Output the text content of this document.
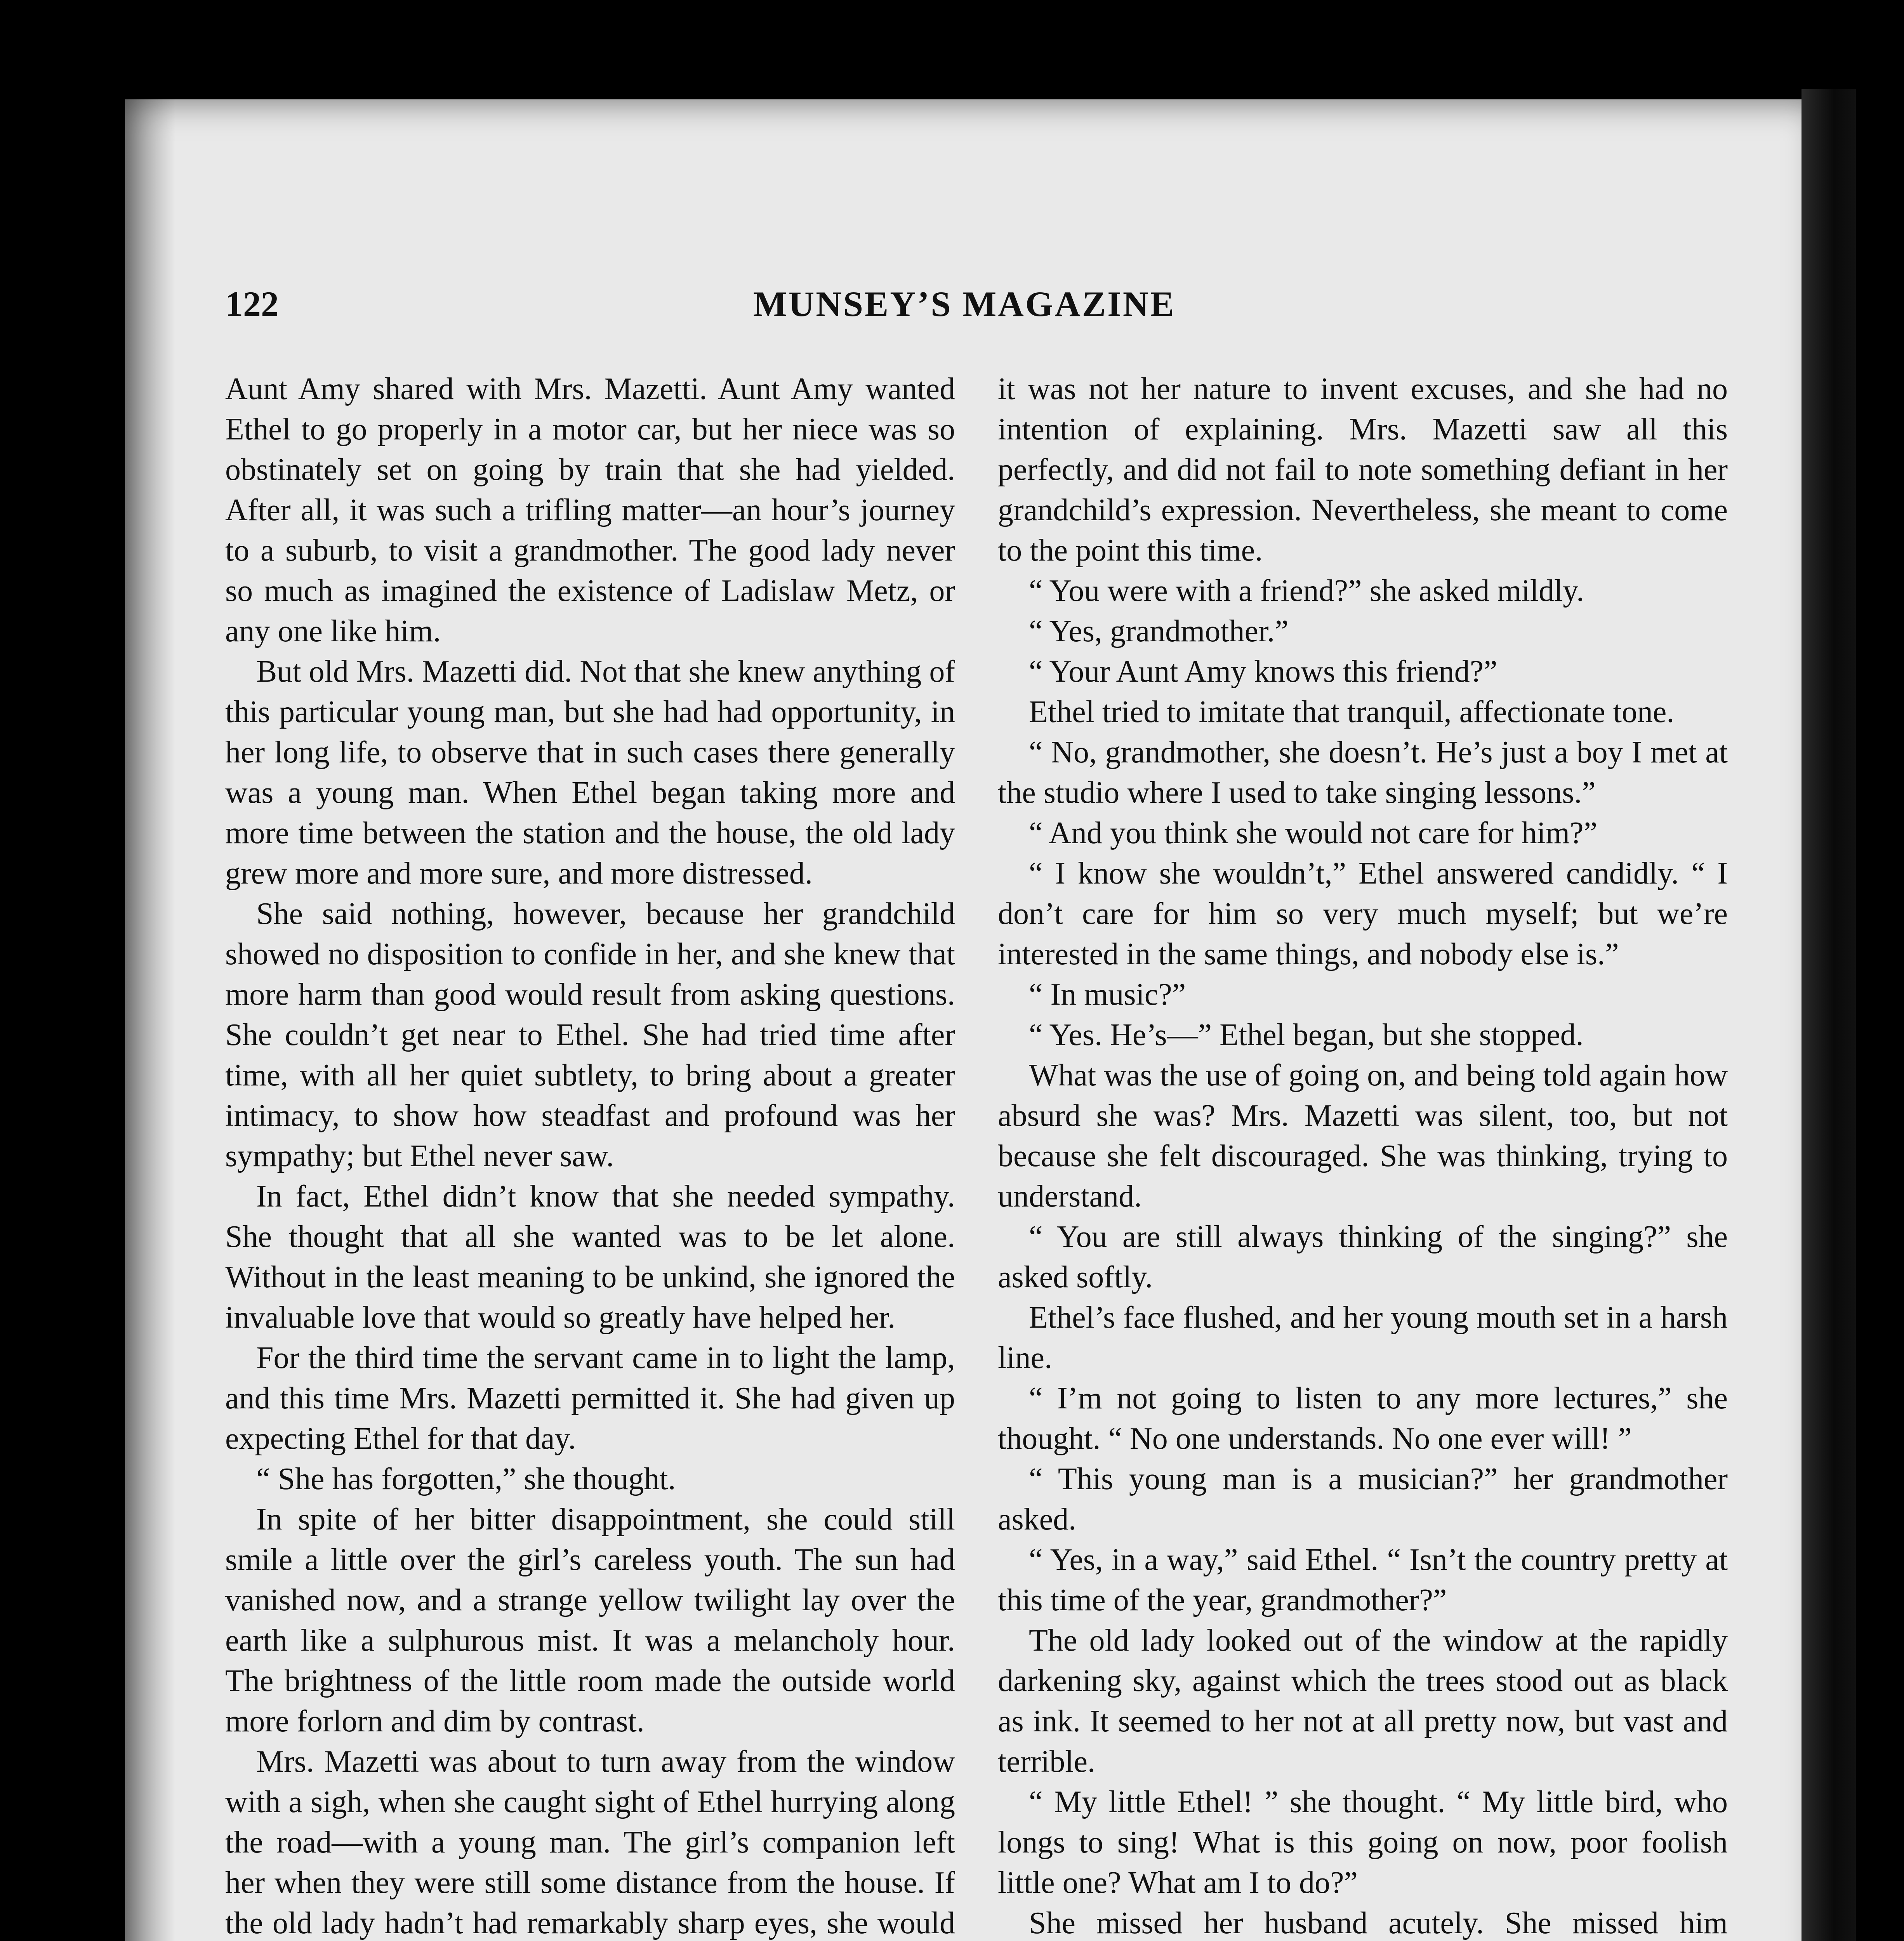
122	MUNSEY’S MAGAZINE

Aunt Amy shared with Mrs. Mazetti. Aunt Amy wanted Ethel to go properly in a motor car, but her niece was so obstinately set on going by train that she had yielded. After all, it was such a trifling matter—an hour’s journey to a suburb, to visit a grandmother. The good lady never so much as imagined the existence of Ladislaw Metz, or any one like him.

But old Mrs. Mazetti did. Not that she knew anything of this particular young man, but she had had opportunity, in her long life, to observe that in such cases there generally was a young man. When Ethel began taking more and more time between the station and the house, the old lady grew more and more sure, and more distressed.

She said nothing, however, because her grandchild showed no disposition to confide in her, and she knew that more harm than good would result from asking questions. She couldn’t get near to Ethel. She had tried time after time, with all her quiet subtlety, to bring about a greater intimacy, to show how steadfast and profound was her sympathy; but Ethel never saw.

In fact, Ethel didn’t know that she needed sympathy. She thought that all she wanted was to be let alone. Without in the least meaning to be unkind, she ignored the invaluable love that would so greatly have helped her.

For the third time the servant came in to light the lamp, and this time Mrs. Mazetti permitted it. She had given up expecting Ethel for that day.

“ She has forgotten,” she thought.

In spite of her bitter disappointment, she could still smile a little over the girl’s careless youth. The sun had vanished now, and a strange yellow twilight lay over the earth like a sulphurous mist. It was a melancholy hour. The brightness of the little room made the outside world more forlorn and dim by contrast.

Mrs. Mazetti was about to turn away from the window with a sigh, when she caught sight of Ethel hurrying along the road—with a young man. The girl’s companion left her when they were still some distance from the house. If the old lady hadn’t had remarkably sharp eyes, she would

it was not her nature to invent excuses, and she had no intention of explaining. Mrs. Mazetti saw all this perfectly, and did not fail to note something defiant in her grandchild’s expression. Nevertheless, she meant to come to the point this time.

“ You were with a friend?” she asked mildly.

“ Yes, grandmother.”

“ Your Aunt Amy knows this friend?”

Ethel tried to imitate that tranquil, affectionate tone.

“ No, grandmother, she doesn’t. He’s just a boy I met at the studio where I used to take singing lessons.”

“ And you think she would not care for him?”

“ I know she wouldn’t,” Ethel answered candidly. “ I don’t care for him so very much myself; but we’re interested in the same things, and nobody else is.”

“ In music?”

“ Yes. He’s—” Ethel began, but she stopped.

What was the use of going on, and being told again how absurd she was? Mrs. Mazetti was silent, too, but not because she felt discouraged. She was thinking, trying to understand.

“ You are still always thinking of the singing?” she asked softly.

Ethel’s face flushed, and her young mouth set in a harsh line.

“ I’m not going to listen to any more lectures,” she thought. “ No one understands. No one ever will! ”

“ This young man is a musician?” her grandmother asked.

“ Yes, in a way,” said Ethel. “ Isn’t the country pretty at this time of the year, grandmother?”

The old lady looked out of the window at the rapidly darkening sky, against which the trees stood out as black as ink. It seemed to her not at all pretty now, but vast and terrible.

“ My little Ethel! ” she thought. “ My little bird, who longs to sing! What is this going on now, poor foolish little one? What am I to do?”

She missed her husband acutely. She missed him
